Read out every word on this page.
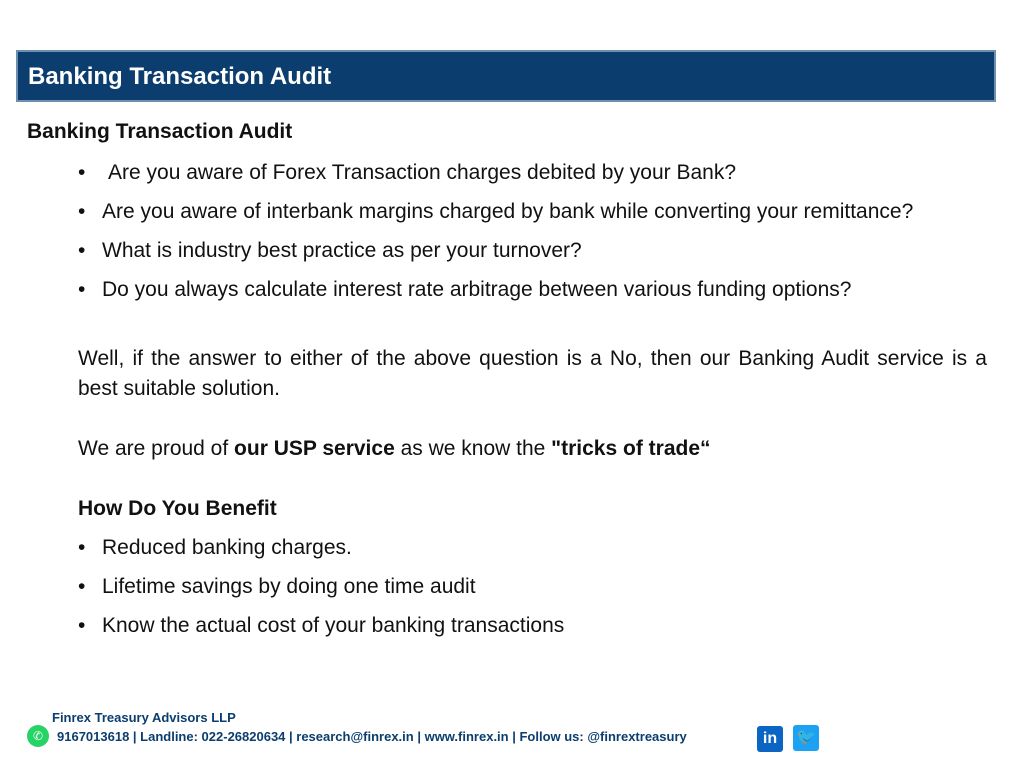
Banking Transaction Audit
Banking Transaction Audit

• Are you aware of Forex Transaction charges debited by your Bank?

• Are you aware of interbank margins charged by bank while converting your remittance?

• What is industry best practice as per your turnover?

• Do you always calculate interest rate arbitrage between various funding options?

Well, if the answer to either of the above question is a No, then our Banking Audit service is a best suitable solution.

We are proud of our USP service as we know the "tricks of trade“

How Do You Benefit

• Reduced banking charges.

• Lifetime savings by doing one time audit

• Know the actual cost of your banking transactions

✆
Finrex Treasury Advisors LLP
9167013618 | Landline: 022-26820634 | research@finrex.in | www.finrex.in | Follow us: @finrextreasury	in	🐦
